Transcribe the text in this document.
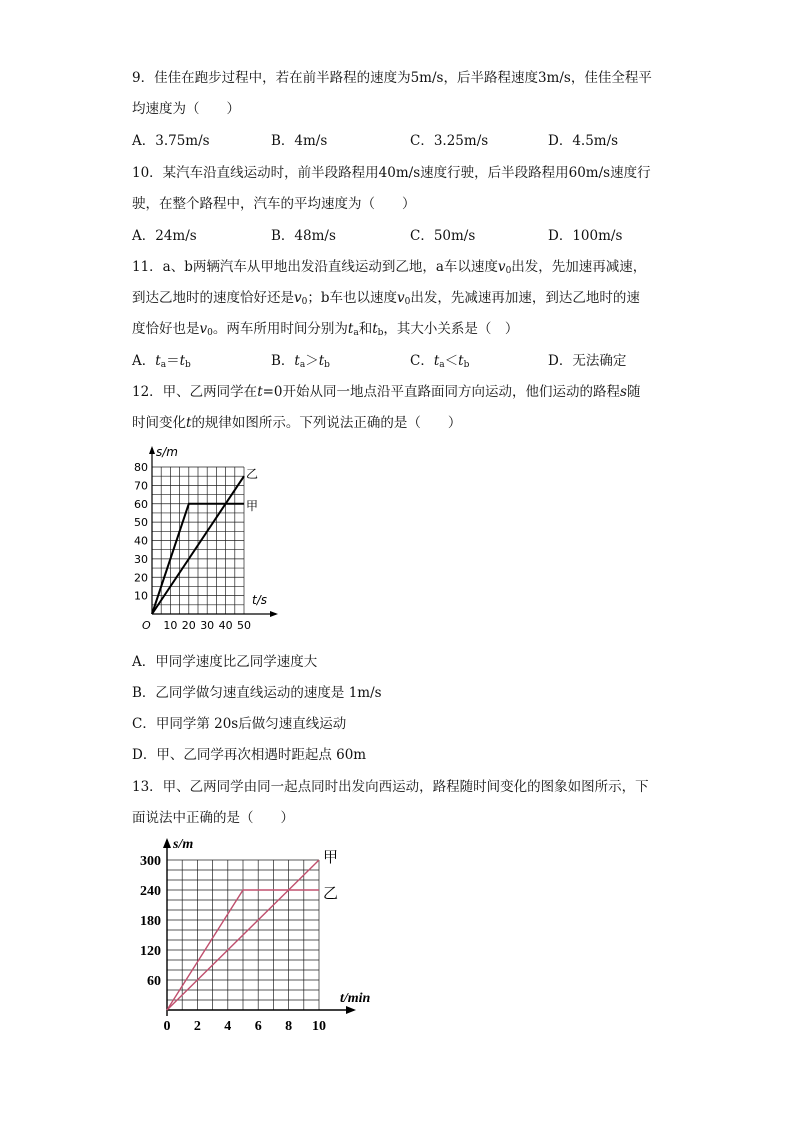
9．佳佳在跑步过程中，若在前半路程的速度为5m/s，后半路程速度3m/s，佳佳全程平
均速度为（　　）
A．3.75m/s	B．4m/s	C．3.25m/s	D．4.5m/s
10．某汽车沿直线运动时，前半段路程用40m/s速度行驶，后半段路程用60m/s速度行
驶，在整个路程中，汽车的平均速度为（　　）
A．24m/s	B．48m/s	C．50m/s	D．100m/s
11．a、b两辆汽车从甲地出发沿直线运动到乙地，a车以速度$v_0$出发，先加速再减速，
到达乙地时的速度恰好还是$v_0$；b车也以速度$v_0$出发，先减速再加速，到达乙地时的速
度恰好也是$v_0$。两车所用时间分别为$t_a$和$t_b$，其大小关系是（　）
A．$t_a=t_b$	B．$t_a>t_b$	C．$t_a<t_b$	D．无法确定
12．甲、乙两同学在t=0开始从同一地点沿平直路面同方向运动，他们运动的路程s随
时间变化t的规律如图所示。下列说法正确的是（　　）
10
20
30
40
50
60
70
80
10 20 30 40 50
O
s/m
t/s
乙
甲
A．甲同学速度比乙同学速度大
B．乙同学做匀速直线运动的速度是 1m/s
C．甲同学第 20s后做匀速直线运动
D．甲、乙同学再次相遇时距起点 60m
13．甲、乙两同学由同一起点同时出发向西运动，路程随时间变化的图象如图所示，下
面说法中正确的是（　　）
60
120
180
240
300
0 2 4 6 8 10
s/m
t/min
甲
乙
